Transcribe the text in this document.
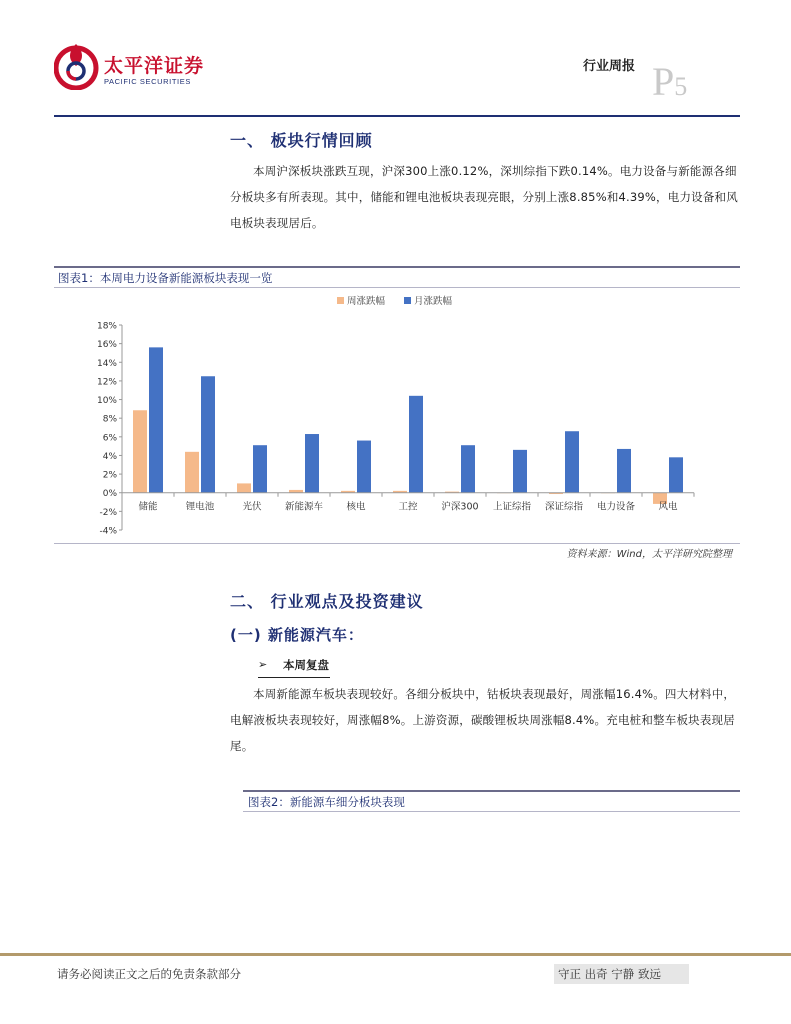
太平洋证券
PACIFIC SECURITIES
行业周报 P5
一、 板块行情回顾
本周沪深板块涨跌互现，沪深300上涨0.12%，深圳综指下跌0.14%。电力设备与新能源各细分板块多有所表现。其中，储能和锂电池板块表现亮眼，分别上涨8.85%和4.39%，电力设备和风电板块表现居后。
图表1：本周电力设备新能源板块表现一览
周涨跌幅	月涨跌幅
18%
16%
14%
12%
10%
8%
6%
4%
2%
0%
-2%
-4%
储能	锂电池	光伏 新能源车 核电	工控	沪深300 上证综指 深证综指 电力设备 风电
资料来源：Wind，太平洋研究院整理
二、 行业观点及投资建议
(一) 新能源汽车：
➢ 本周复盘
本周新能源车板块表现较好。各细分板块中，钴板块表现最好，周涨幅16.4%。四大材料中，电解液板块表现较好，周涨幅8%。上游资源，碳酸锂板块周涨幅8.4%。充电桩和整车板块表现居尾。
图表2：新能源车细分板块表现
请务必阅读正文之后的免责条款部分	守正 出奇 宁静 致远
